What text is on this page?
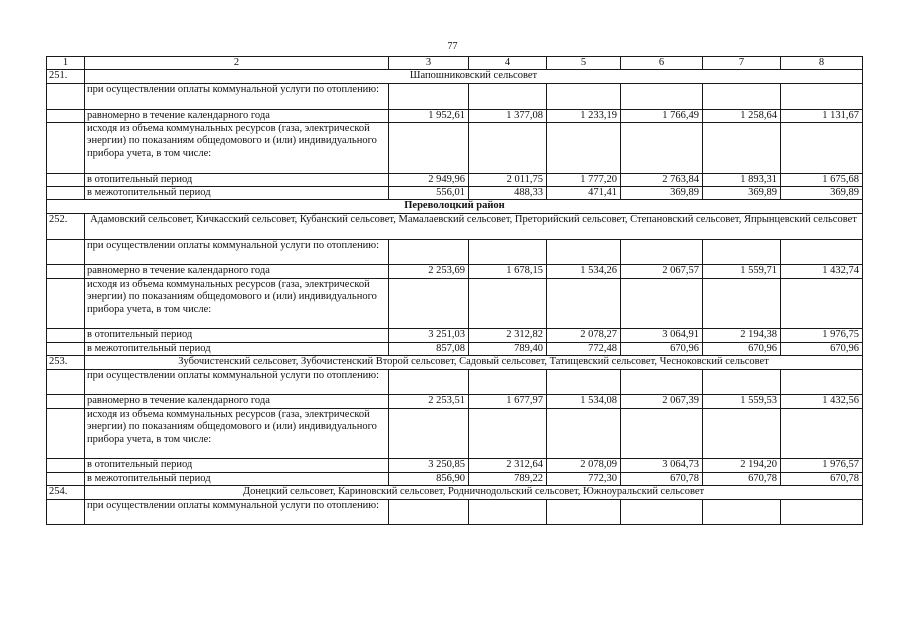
77
1	2	3	4	5	6	7	8
251.	Шапошниковский сельсовет						
	при осуществлении оплаты коммунальной услуги по отоплению:						
	равномерно в течение календарного года	1 952,61	1 377,08	1 233,19	1 766,49	1 258,64	1 131,67
	исходя из объема коммунальных ресурсов (газа, электрической энергии) по показаниям общедомового и (или) индивидуального прибора учета, в том числе:						
	в отопительный период	2 949,96	2 011,75	1 777,20	2 763,84	1 893,31	1 675,68
	в межотопительный период	556,01	488,33	471,41	369,89	369,89	369,89
Переволоцкий район							
252.	Адамовский сельсовет, Кичкасский сельсовет, Кубанский сельсовет, Мамалаевский сельсовет, Преторийский сельсовет, Степановский сельсовет, Япрынцевский сельсовет						
	при осуществлении оплаты коммунальной услуги по отоплению:						
	равномерно в течение календарного года	2 253,69	1 678,15	1 534,26	2 067,57	1 559,71	1 432,74
	исходя из объема коммунальных ресурсов (газа, электрической энергии) по показаниям общедомового и (или) индивидуального прибора учета, в том числе:						
	в отопительный период	3 251,03	2 312,82	2 078,27	3 064,91	2 194,38	1 976,75
	в межотопительный период	857,08	789,40	772,48	670,96	670,96	670,96
253.	Зубочистенский сельсовет, Зубочистенский Второй сельсовет, Садовый сельсовет, Татищевский сельсовет, Чесноковский сельсовет						
	при осуществлении оплаты коммунальной услуги по отоплению:						
	равномерно в течение календарного года	2 253,51	1 677,97	1 534,08	2 067,39	1 559,53	1 432,56
	исходя из объема коммунальных ресурсов (газа, электрической энергии) по показаниям общедомового и (или) индивидуального прибора учета, в том числе:						
	в отопительный период	3 250,85	2 312,64	2 078,09	3 064,73	2 194,20	1 976,57
	в межотопительный период	856,90	789,22	772,30	670,78	670,78	670,78
254.	Донецкий сельсовет, Кариновский сельсовет, Родничнодольский сельсовет, Южноуральский сельсовет						
	при осуществлении оплаты коммунальной услуги по отоплению:						
